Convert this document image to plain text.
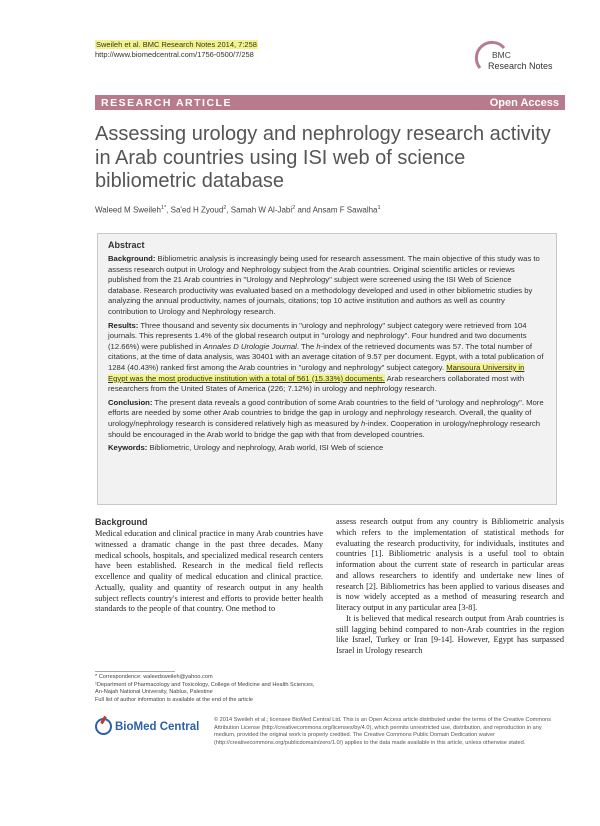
Sweileh et al. BMC Research Notes 2014, 7:258
http://www.biomedcentral.com/1756-0500/7/258	BMC
Research Notes
RESEARCH ARTICLE	Open Access
Assessing urology and nephrology research activity in Arab countries using ISI web of science bibliometric database
Waleed M Sweileh$^{1*}$, Sa'ed H Zyoud$^2$, Samah W Al-Jabi$^2$ and Ansam F Sawalha$^1$
Abstract

Background: Bibliometric analysis is increasingly being used for research assessment. The main objective of this study was to assess research output in Urology and Nephrology subject from the Arab countries. Original scientific articles or reviews published from the 21 Arab countries in "Urology and Nephrology" subject were screened using the ISI Web of Science database. Research productivity was evaluated based on a methodology developed and used in other bibliometric studies by analyzing the annual productivity, names of journals, citations; top 10 active institution and authors as well as country contribution to Urology and Nephrology research.

Results: Three thousand and seventy six documents in "urology and nephrology" subject category were retrieved from 104 journals. This represents 1.4% of the global research output in "urology and nephrology". Four hundred and two documents (12.66%) were published in Annales D Urologie Journal. The h-index of the retrieved documents was 57. The total number of citations, at the time of data analysis, was 30401 with an average citation of 9.57 per document. Egypt, with a total publication of 1284 (40.43%) ranked first among the Arab countries in "urology and nephrology" subject category. Mansoura University in Egypt was the most productive institution with a total of 561 (15.33%) documents. Arab researchers collaborated most with researchers from the United States of America (226; 7.12%) in urology and nephrology research.

Conclusion: The present data reveals a good contribution of some Arab countries to the field of "urology and nephrology". More efforts are needed by some other Arab countries to bridge the gap in urology and nephrology research. Overall, the quality of urology/nephrology research is considered relatively high as measured by h-index. Cooperation in urology/nephrology research should be encouraged in the Arab world to bridge the gap with that from developed countries.

Keywords: Bibliometric, Urology and nephrology, Arab world, ISI Web of science

Background

Medical education and clinical practice in many Arab countries have witnessed a dramatic change in the past three decades. Many medical schools, hospitals, and specialized medical research centers have been established. Research in the medical field reflects excellence and quality of medical education and clinical practice. Actually, quality and quantity of research output in any health subject reflects country's interest and efforts to provide better health standards to the people of that country. One method to

assess research output from any country is Bibliometric analysis which refers to the implementation of statistical methods for evaluating the research productivity, for individuals, institutes and countries [1]. Bibliometric analysis is a useful tool to obtain information about the current state of research in particular areas and allows researchers to identify and undertake new lines of research [2]. Bibliometrics has been applied to various diseases and is now widely accepted as a method of measuring research and literacy output in any particular area [3-8].

It is believed that medical research output from Arab countries is still lagging behind compared to non-Arab countries in the region like Israel, Turkey or Iran [9-14]. However, Egypt has surpassed Israel in Urology research

* Correspondence: waleedsweileh@yahoo.com

¹Department of Pharmacology and Toxicology, College of Medicine and Health Sciences, An-Najah National University, Nablus, Palestine

Full list of author information is available at the end of the article

BioMed Central
© 2014 Sweileh et al.; licensee BioMed Central Ltd. This is an Open Access article distributed under the terms of the Creative Commons Attribution License (http://creativecommons.org/licenses/by/4.0), which permits unrestricted use, distribution, and reproduction in any medium, provided the original work is properly credited. The Creative Commons Public Domain Dedication waiver (http://creativecommons.org/publicdomain/zero/1.0/) applies to the data made available in this article, unless otherwise stated.
